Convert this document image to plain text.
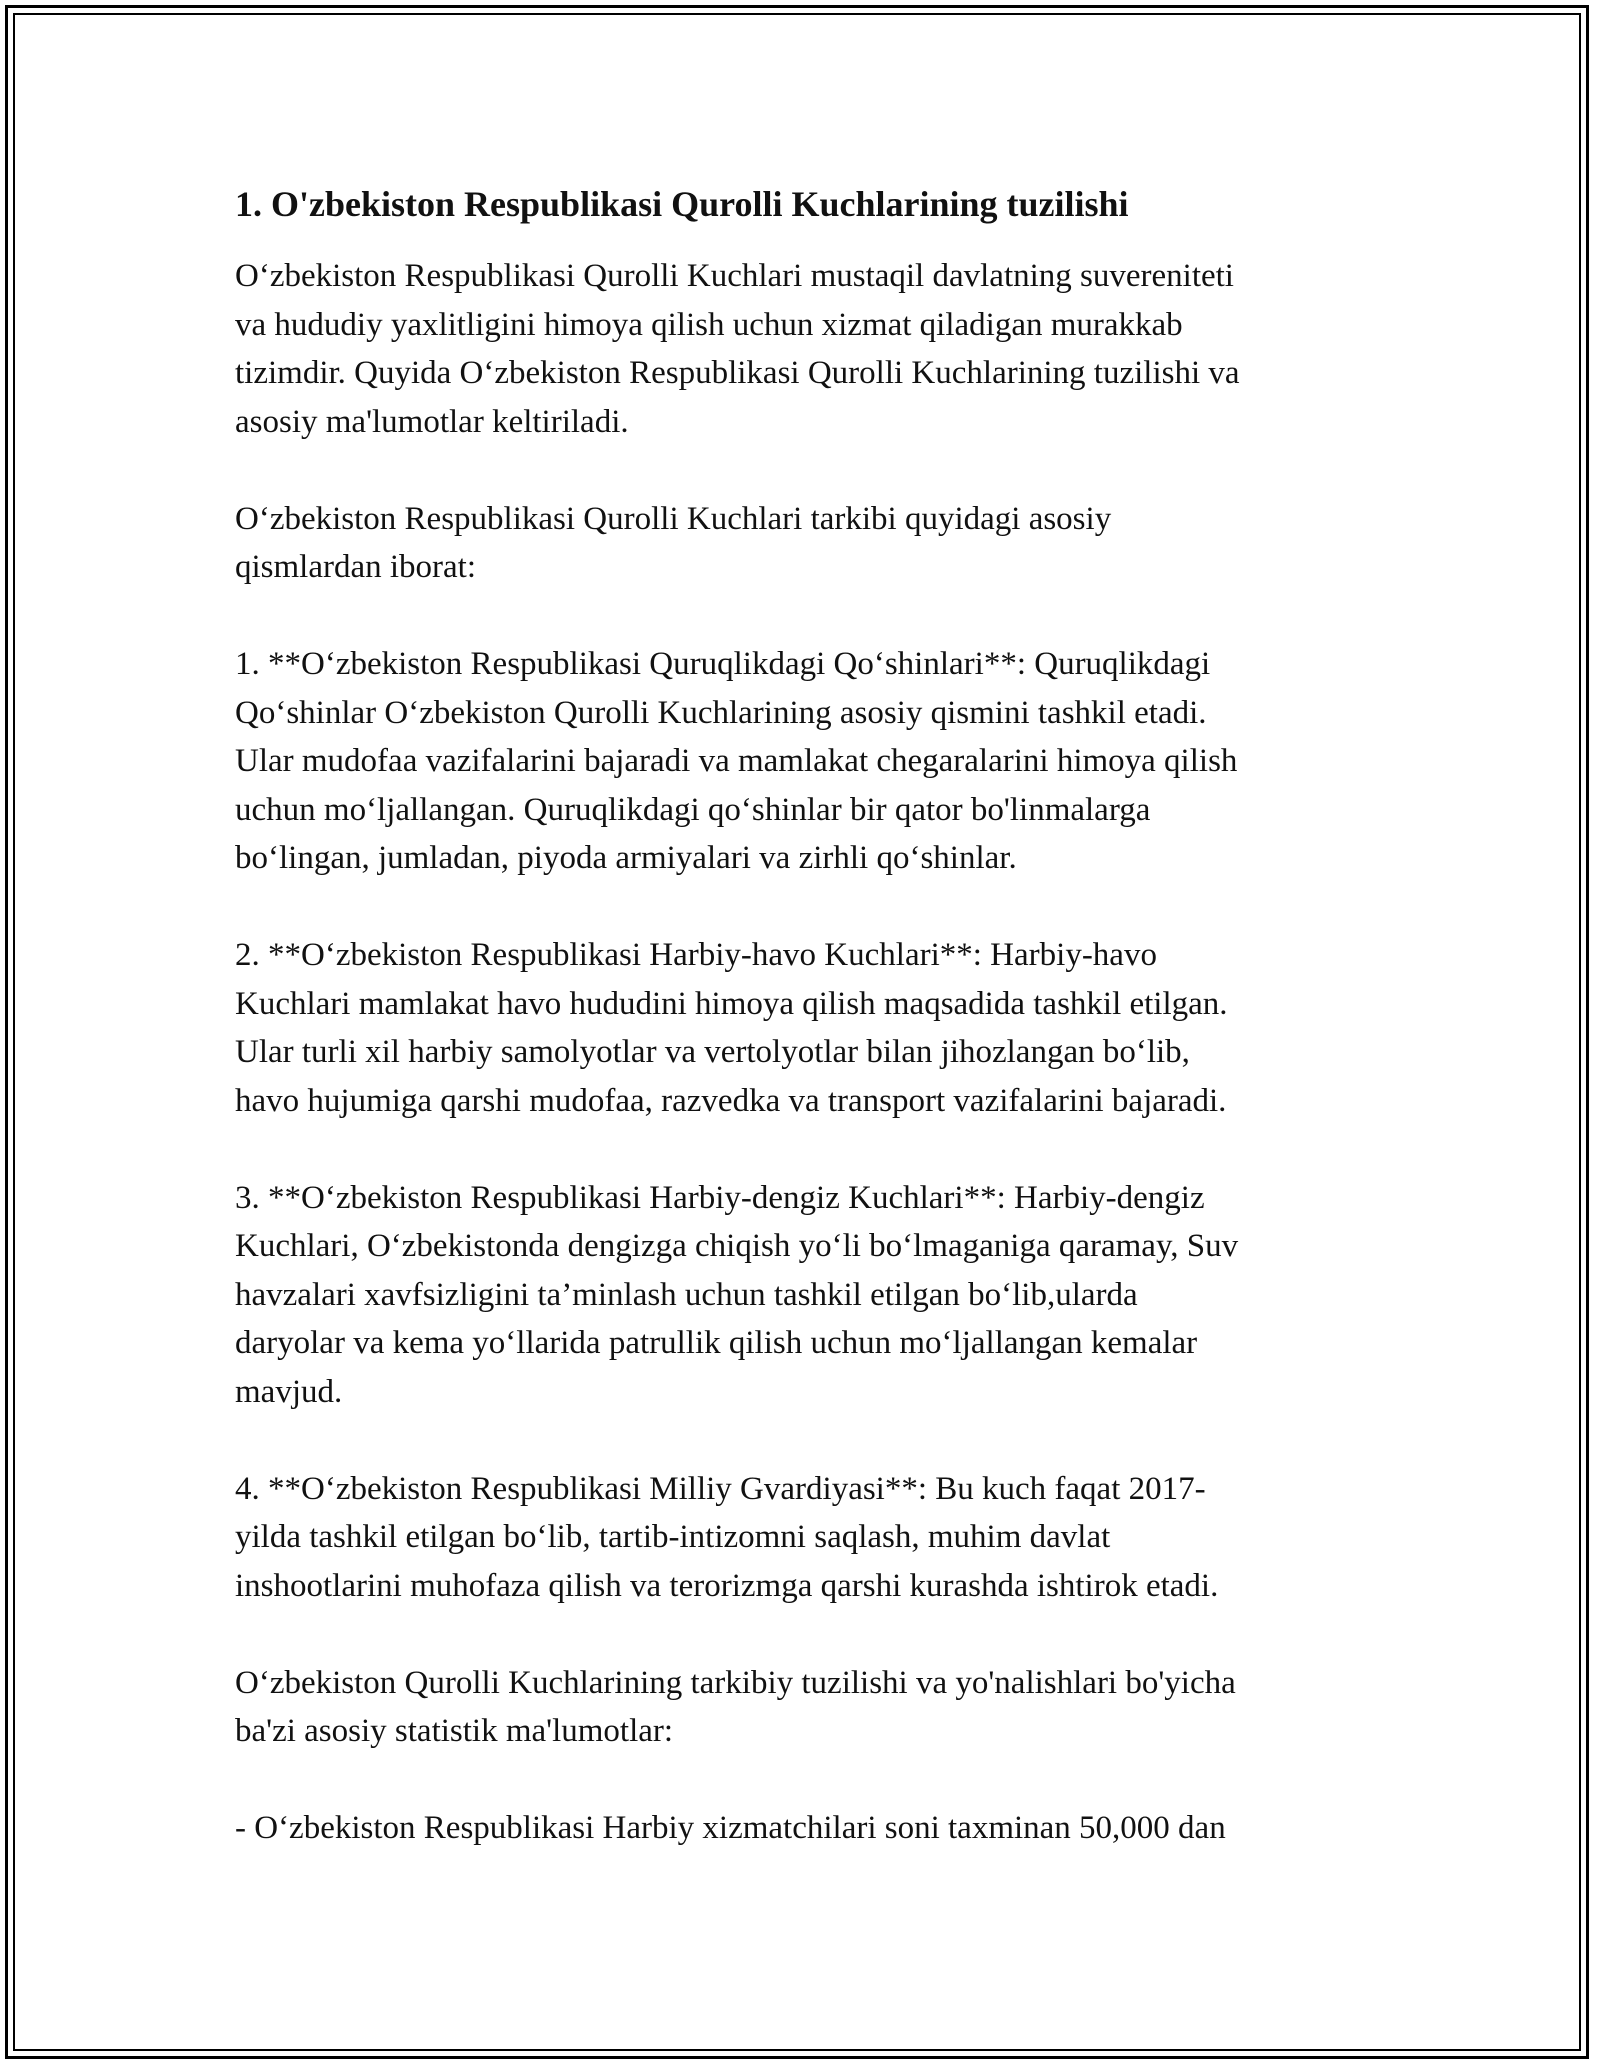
1. O'zbekiston Respublikasi Qurolli Kuchlarining tuzilishi
O‘zbekiston Respublikasi Qurolli Kuchlari mustaqil davlatning suvereniteti
va hududiy yaxlitligini himoya qilish uchun xizmat qiladigan murakkab
tizimdir. Quyida O‘zbekiston Respublikasi Qurolli Kuchlarining tuzilishi va
asosiy ma'lumotlar keltiriladi.
O‘zbekiston Respublikasi Qurolli Kuchlari tarkibi quyidagi asosiy
qismlardan iborat:
1. **O‘zbekiston Respublikasi Quruqlikdagi Qo‘shinlari**: Quruqlikdagi
Qo‘shinlar O‘zbekiston Qurolli Kuchlarining asosiy qismini tashkil etadi.
Ular mudofaa vazifalarini bajaradi va mamlakat chegaralarini himoya qilish
uchun mo‘ljallangan. Quruqlikdagi qo‘shinlar bir qator bo'linmalarga
bo‘lingan, jumladan, piyoda armiyalari va zirhli qo‘shinlar.
2. **O‘zbekiston Respublikasi Harbiy-havo Kuchlari**: Harbiy-havo
Kuchlari mamlakat havo hududini himoya qilish maqsadida tashkil etilgan.
Ular turli xil harbiy samolyotlar va vertolyotlar bilan jihozlangan bo‘lib,
havo hujumiga qarshi mudofaa, razvedka va transport vazifalarini bajaradi.
3. **O‘zbekiston Respublikasi Harbiy-dengiz Kuchlari**: Harbiy-dengiz
Kuchlari, O‘zbekistonda dengizga chiqish yo‘li bo‘lmaganiga qaramay, Suv
havzalari xavfsizligini ta’minlash uchun tashkil etilgan bo‘lib,ularda
daryolar va kema yo‘llarida patrullik qilish uchun mo‘ljallangan kemalar
mavjud.
4. **O‘zbekiston Respublikasi Milliy Gvardiyasi**: Bu kuch faqat 2017-
yilda tashkil etilgan bo‘lib, tartib-intizomni saqlash, muhim davlat
inshootlarini muhofaza qilish va terorizmga qarshi kurashda ishtirok etadi.
O‘zbekiston Qurolli Kuchlarining tarkibiy tuzilishi va yo'nalishlari bo'yicha
ba'zi asosiy statistik ma'lumotlar:
- O‘zbekiston Respublikasi Harbiy xizmatchilari soni taxminan 50,000 dan
